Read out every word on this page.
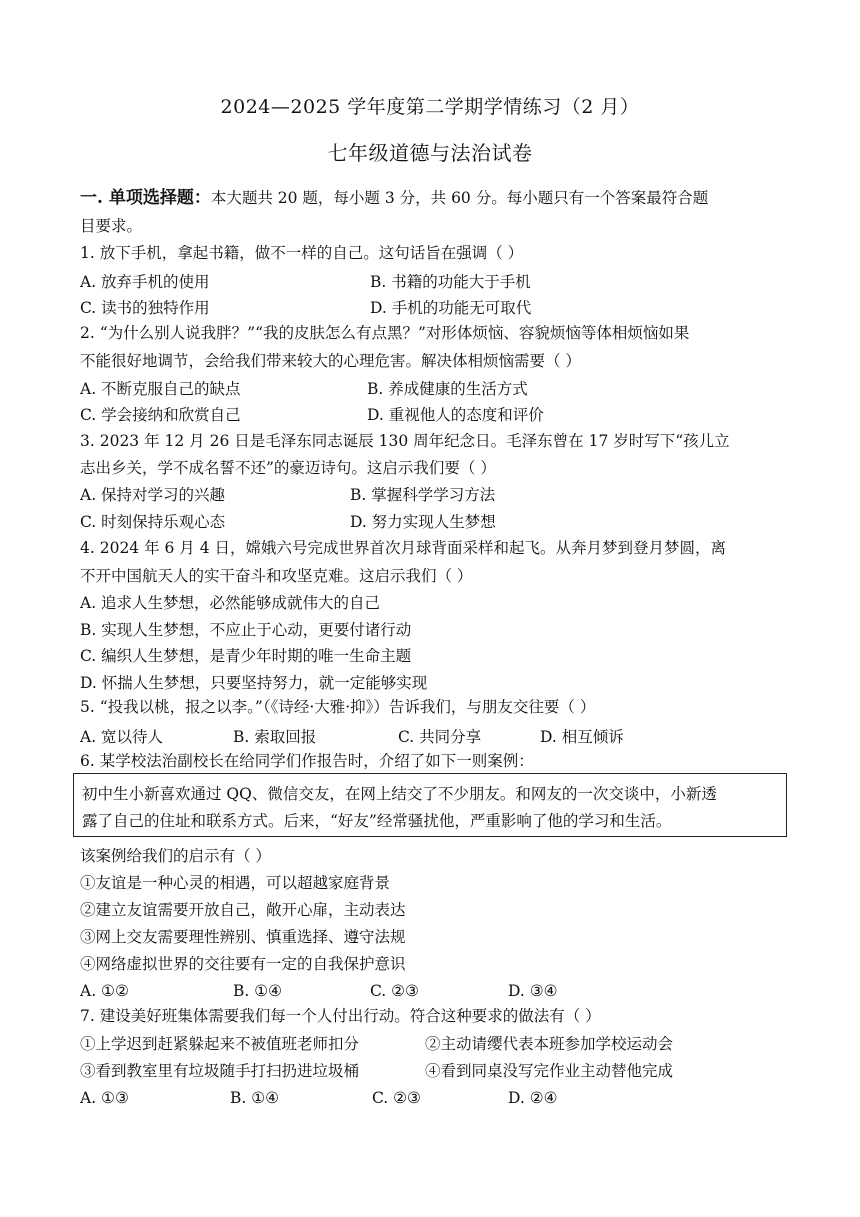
2024—2025 学年度第二学期学情练习（2 月）
七年级道德与法治试卷
一. 单项选择题：本大题共 20 题，每小题 3 分，共 60 分。每小题只有一个答案最符合题
目要求。
1. 放下手机，拿起书籍，做不一样的自己。这句话旨在强调（ ）
A. 放弃手机的使用	B. 书籍的功能大于手机
C. 读书的独特作用	D. 手机的功能无可取代
2. “为什么别人说我胖？”“我的皮肤怎么有点黑？”对形体烦恼、容貌烦恼等体相烦恼如果
不能很好地调节，会给我们带来较大的心理危害。解决体相烦恼需要（ ）
A. 不断克服自己的缺点	B. 养成健康的生活方式
C. 学会接纳和欣赏自己	D. 重视他人的态度和评价
3. 2023 年 12 月 26 日是毛泽东同志诞辰 130 周年纪念日。毛泽东曾在 17 岁时写下“孩儿立
志出乡关，学不成名誓不还”的豪迈诗句。这启示我们要（ ）
A. 保持对学习的兴趣	B. 掌握科学学习方法
C. 时刻保持乐观心态	D. 努力实现人生梦想
4. 2024 年 6 月 4 日，嫦娥六号完成世界首次月球背面采样和起飞。从奔月梦到登月梦圆，离
不开中国航天人的实干奋斗和攻坚克难。这启示我们（ ）
A. 追求人生梦想，必然能够成就伟大的自己
B. 实现人生梦想，不应止于心动，更要付诸行动
C. 编织人生梦想，是青少年时期的唯一生命主题
D. 怀揣人生梦想，只要坚持努力，就一定能够实现
5. “投我以桃，报之以李。”（《诗经·大雅·抑》）告诉我们，与朋友交往要（ ）
A. 宽以待人	B. 索取回报	C. 共同分享	D. 相互倾诉
6. 某学校法治副校长在给同学们作报告时，介绍了如下一则案例：
初中生小新喜欢通过 QQ、微信交友，在网上结交了不少朋友。和网友的一次交谈中，小新透
露了自己的住址和联系方式。后来，“好友”经常骚扰他，严重影响了他的学习和生活。
该案例给我们的启示有（ ）
①友谊是一种心灵的相遇，可以超越家庭背景
②建立友谊需要开放自己，敞开心扉，主动表达
③网上交友需要理性辨别、慎重选择、遵守法规
④网络虚拟世界的交往要有一定的自我保护意识
A. ①②	B. ①④	C. ②③	D. ③④
7. 建设美好班集体需要我们每一个人付出行动。符合这种要求的做法有（ ）
①上学迟到赶紧躲起来不被值班老师扣分	②主动请缨代表本班参加学校运动会
③看到教室里有垃圾随手打扫扔进垃圾桶	④看到同桌没写完作业主动替他完成
A. ①③	B. ①④	C. ②③	D. ②④
